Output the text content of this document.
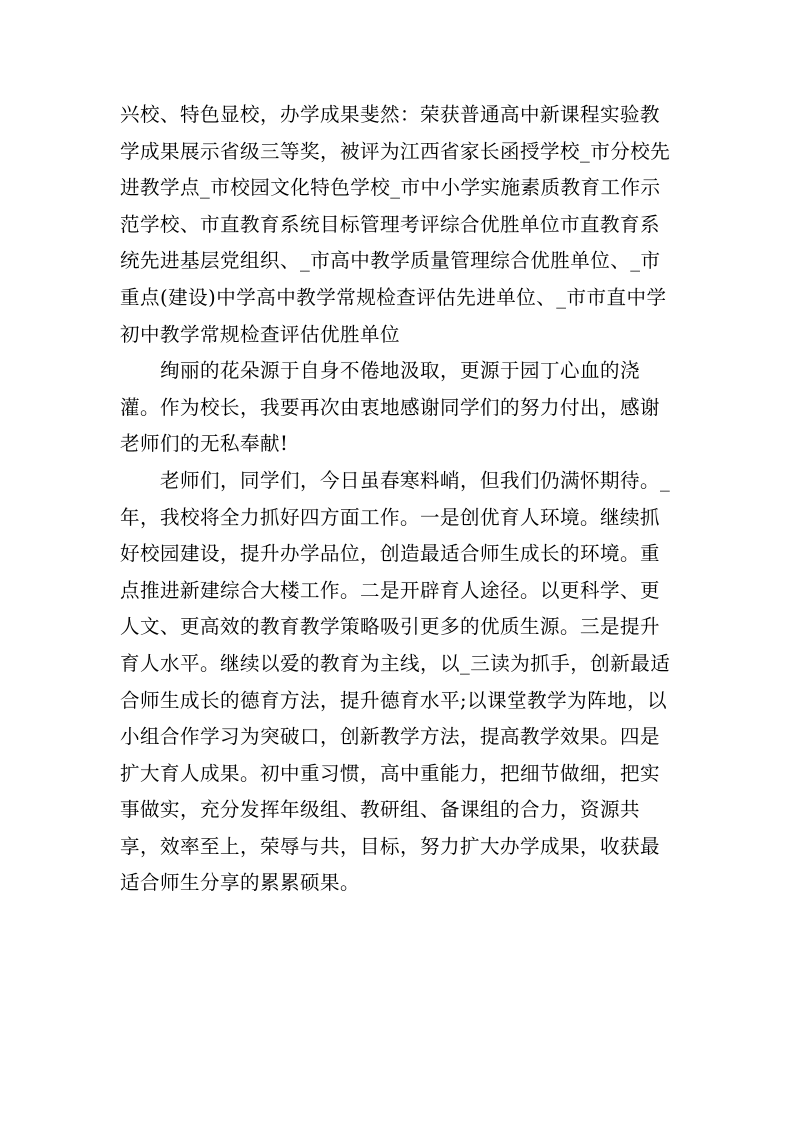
兴校、特色显校，办学成果斐然：荣获普通高中新课程实验教学成果展示省级三等奖，被评为江西省家长函授学校_市分校先进教学点_市校园文化特色学校_市中小学实施素质教育工作示范学校、市直教育系统目标管理考评综合优胜单位市直教育系统先进基层党组织、_市高中教学质量管理综合优胜单位、_市重点(建设)中学高中教学常规检查评估先进单位、_市市直中学初中教学常规检查评估优胜单位

绚丽的花朵源于自身不倦地汲取，更源于园丁心血的浇灌。作为校长，我要再次由衷地感谢同学们的努力付出，感谢老师们的无私奉献!

老师们，同学们，今日虽春寒料峭，但我们仍满怀期待。_年，我校将全力抓好四方面工作。一是创优育人环境。继续抓好校园建设，提升办学品位，创造最适合师生成长的环境。重点推进新建综合大楼工作。二是开辟育人途径。以更科学、更人文、更高效的教育教学策略吸引更多的优质生源。三是提升育人水平。继续以爱的教育为主线，以_三读为抓手，创新最适合师生成长的德育方法，提升德育水平;以课堂教学为阵地，以小组合作学习为突破口，创新教学方法，提高教学效果。四是扩大育人成果。初中重习惯，高中重能力，把细节做细，把实事做实，充分发挥年级组、教研组、备课组的合力，资源共享，效率至上，荣辱与共，目标，努力扩大办学成果，收获最适合师生分享的累累硕果。
